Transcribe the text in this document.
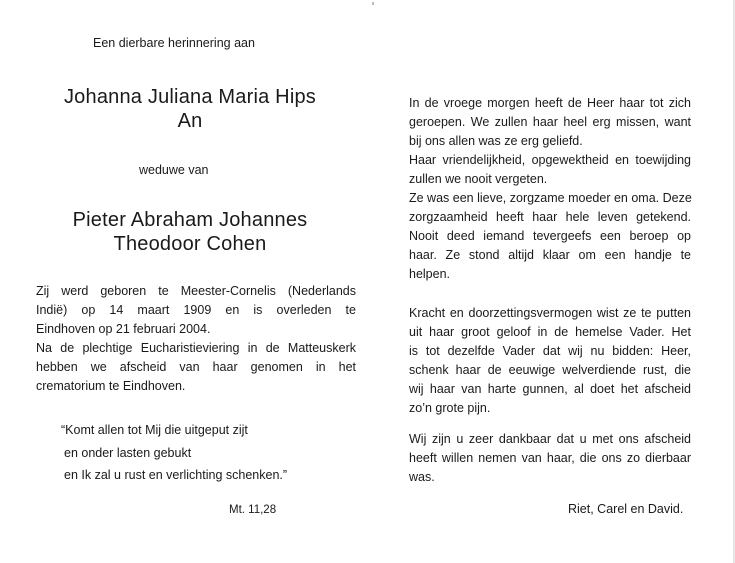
Een dierbare herinnering aan
Johanna Juliana Maria Hips
An
weduwe van
Pieter Abraham Johannes
Theodoor Cohen
Zij werd geboren te Meester-Cornelis (Nederlands
Indië) op 14 maart 1909 en is overleden te
Eindhoven op 21 februari 2004.
Na de plechtige Eucharistieviering in de Matteuskerk
hebben we afscheid van haar genomen in het
crematorium te Eindhoven.
“Komt allen tot Mij die uitgeput zijt
en onder lasten gebukt
en Ik zal u rust en verlichting schenken.”
Mt. 11,28
In de vroege morgen heeft de Heer haar tot zich
geroepen. We zullen haar heel erg missen, want
bij ons allen was ze erg geliefd.
Haar vriendelijkheid, opgewektheid en toewijding
zullen we nooit vergeten.
Ze was een lieve, zorgzame moeder en oma. Deze
zorgzaamheid heeft haar hele leven getekend.
Nooit deed iemand tevergeefs een beroep op
haar. Ze stond altijd klaar om een handje te
helpen.
Kracht en doorzettingsvermogen wist ze te putten
uit haar groot geloof in de hemelse Vader. Het
is tot dezelfde Vader dat wij nu bidden: Heer,
schenk haar de eeuwige welverdiende rust, die
wij haar van harte gunnen, al doet het afscheid
zo’n grote pijn.
Wij zijn u zeer dankbaar dat u met ons afscheid
heeft willen nemen van haar, die ons zo dierbaar
was.
Riet, Carel en David.
